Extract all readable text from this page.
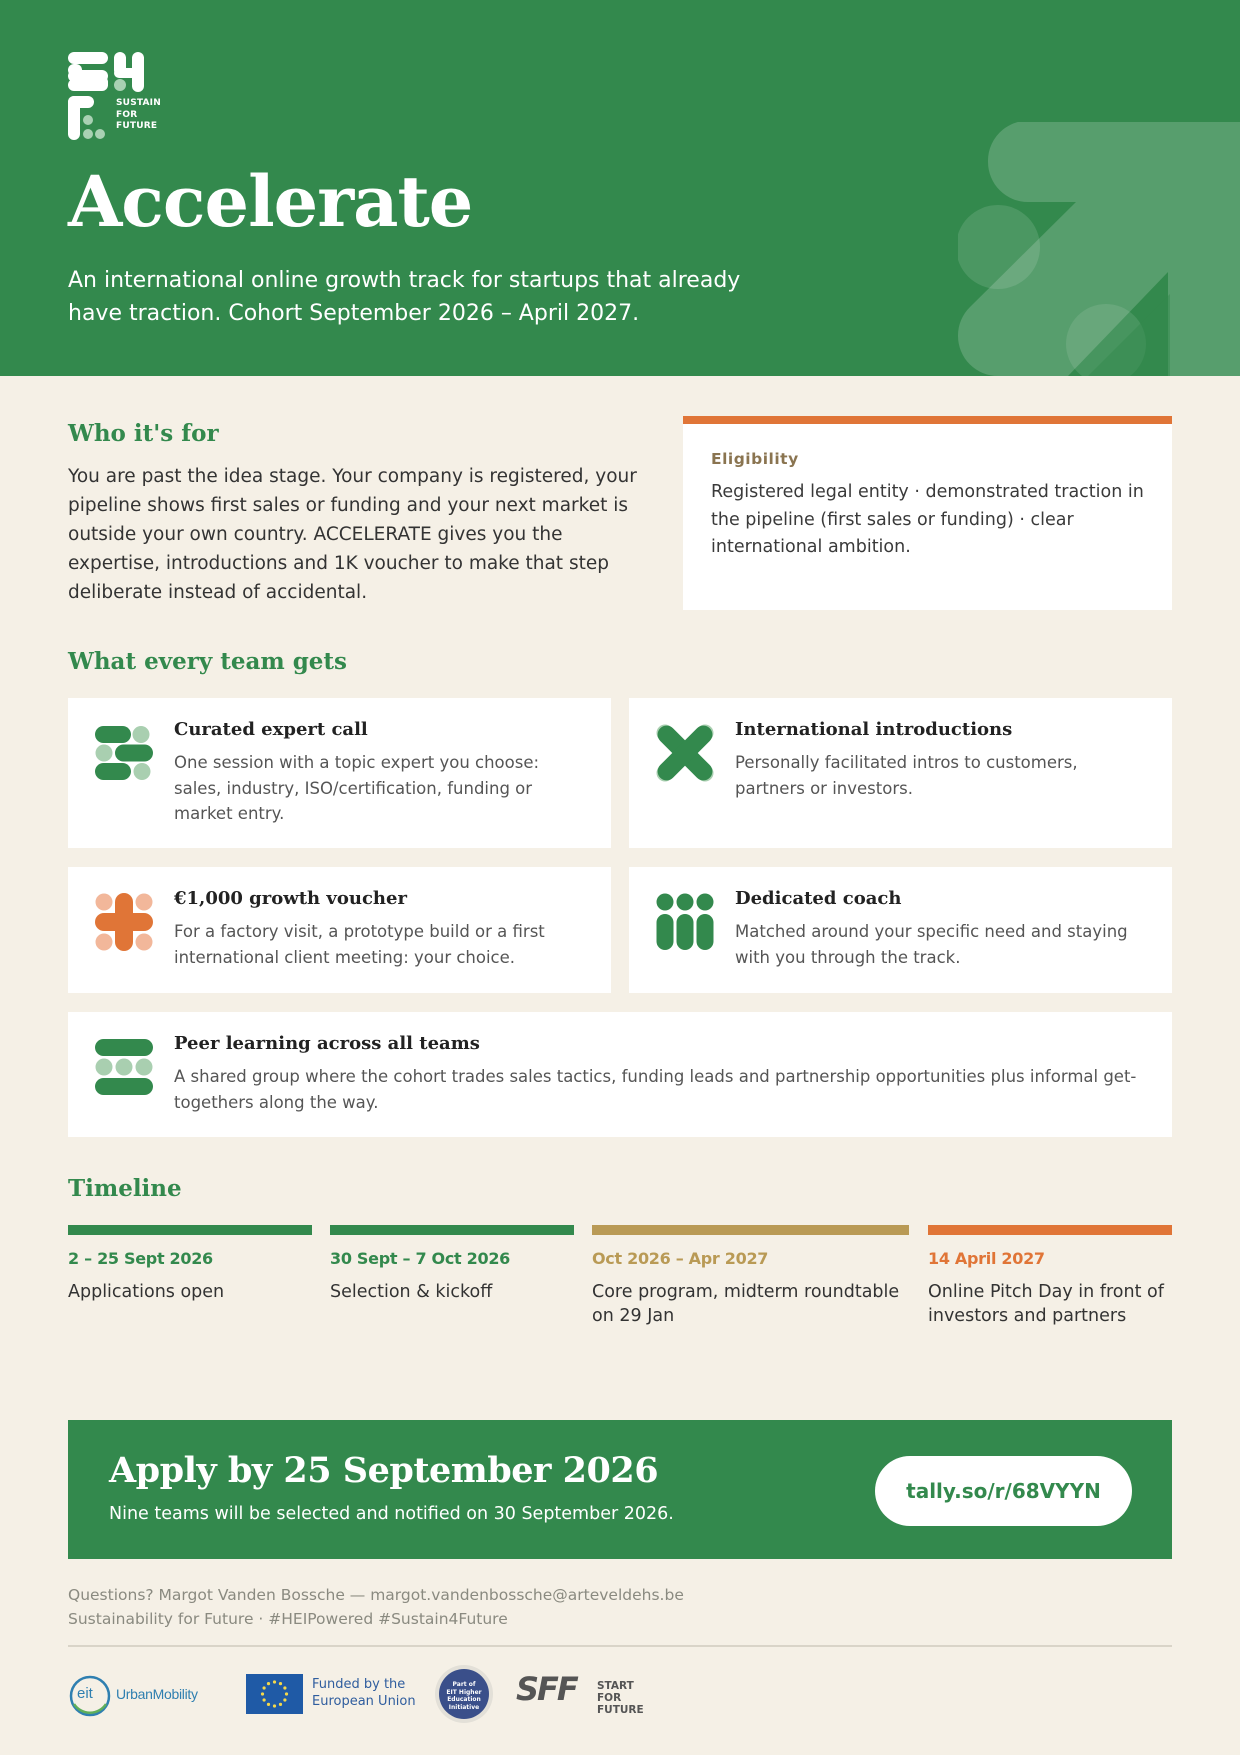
SUSTAIN
FOR
FUTURE
Accelerate
An international online growth track for startups that already have traction. Cohort September 2026 – April 2027.
Who it's for
You are past the idea stage. Your company is registered, your pipeline shows first sales or funding and your next market is outside your own country. ACCELERATE gives you the expertise, introductions and 1K voucher to make that step deliberate instead of accidental.
Eligibility
Registered legal entity · demonstrated traction in the pipeline (first sales or funding) · clear international ambition.
What every team gets
Curated expert call
One session with a topic expert you choose: sales, industry, ISO/certification, funding or market entry.
International introductions
Personally facilitated intros to customers, partners or investors.
€1,000 growth voucher
For a factory visit, a prototype build or a first international client meeting: your choice.
Dedicated coach
Matched around your specific need and staying with you through the track.
Peer learning across all teams
A shared group where the cohort trades sales tactics, funding leads and partnership opportunities plus informal get-togethers along the way.
Timeline
2 – 25 Sept 2026
Applications open
30 Sept – 7 Oct 2026
Selection & kickoff
Oct 2026 – Apr 2027
Core program, midterm roundtable on 29 Jan
14 April 2027
Online Pitch Day in front of investors and partners
Apply by 25 September 2026
Nine teams will be selected and notified on 30 September 2026.
tally.so/r/68VYYN
Questions? Margot Vanden Bossche — margot.vandenbossche@arteveldehs.be
Sustainability for Future · #HEIPowered #Sustain4Future
eit UrbanMobility
Funded by the
European Union
Part of
EIT Higher
Education
Initiative	SFF START
FOR
FUTURE
